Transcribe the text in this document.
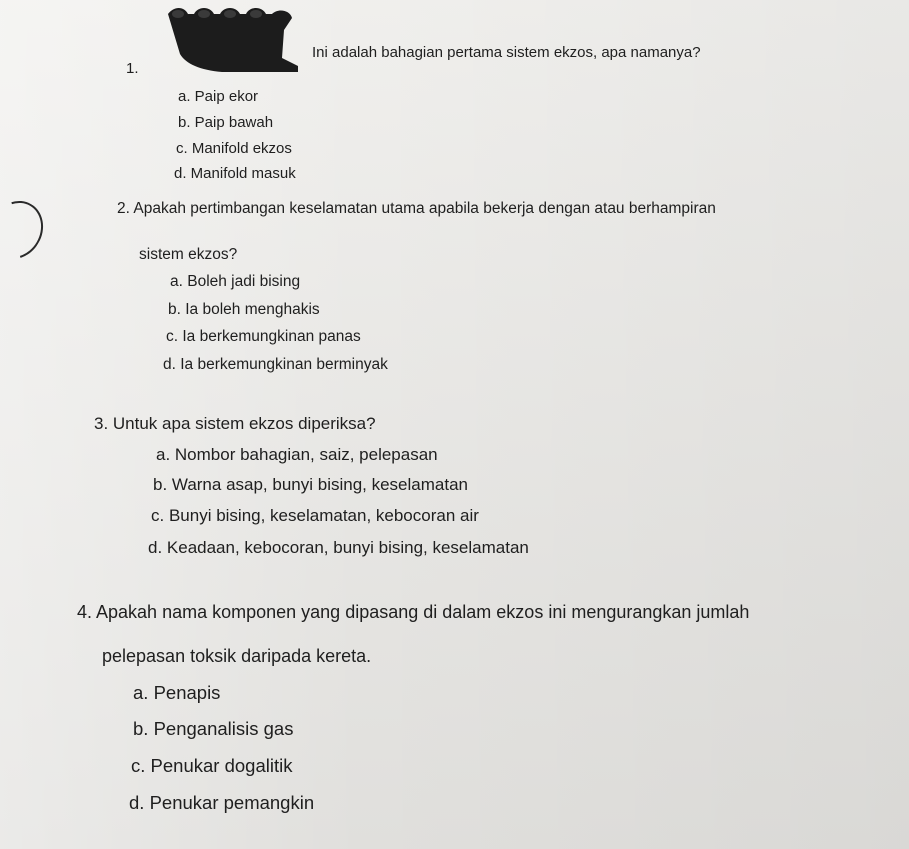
1.
Ini adalah bahagian pertama sistem ekzos, apa namanya?
a. Paip ekor
b. Paip bawah
c. Manifold ekzos
d. Manifold masuk
2. Apakah pertimbangan keselamatan utama apabila bekerja dengan atau berhampiran
sistem ekzos?
a. Boleh jadi bising
b. Ia boleh menghakis
c. Ia berkemungkinan panas
d. Ia berkemungkinan berminyak
3. Untuk apa sistem ekzos diperiksa?
a. Nombor bahagian, saiz, pelepasan
b. Warna asap, bunyi bising, keselamatan
c. Bunyi bising, keselamatan, kebocoran air
d. Keadaan, kebocoran, bunyi bising, keselamatan
4. Apakah nama komponen yang dipasang di dalam ekzos ini mengurangkan jumlah
pelepasan toksik daripada kereta.
a. Penapis
b. Penganalisis gas
c. Penukar dogalitik
d. Penukar pemangkin
